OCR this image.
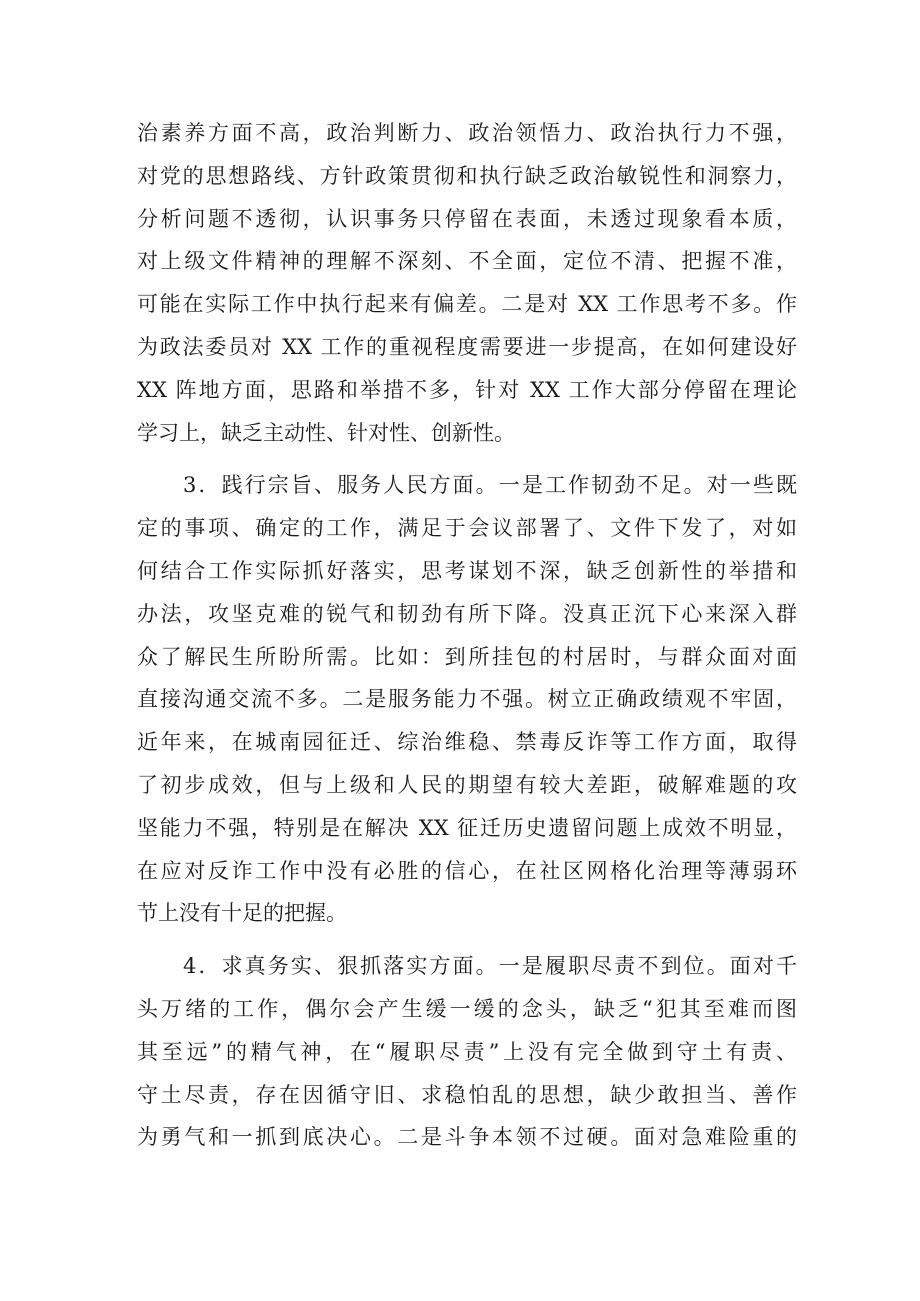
治素养方面不高，政治判断力、政治领悟力、政治执行力不强，
对党的思想路线、方针政策贯彻和执行缺乏政治敏锐性和洞察力，
分析问题不透彻，认识事务只停留在表面，未透过现象看本质，
对上级文件精神的理解不深刻、不全面，定位不清、把握不准，
可能在实际工作中执行起来有偏差。二是对 XX 工作思考不多。作
为政法委员对 XX 工作的重视程度需要进一步提高，在如何建设好
XX 阵地方面，思路和举措不多，针对 XX 工作大部分停留在理论
学习上，缺乏主动性、针对性、创新性。
3．践行宗旨、服务人民方面。一是工作韧劲不足。对一些既
定的事项、确定的工作，满足于会议部署了、文件下发了，对如
何结合工作实际抓好落实，思考谋划不深，缺乏创新性的举措和
办法，攻坚克难的锐气和韧劲有所下降。没真正沉下心来深入群
众了解民生所盼所需。比如：到所挂包的村居时，与群众面对面
直接沟通交流不多。二是服务能力不强。树立正确政绩观不牢固，
近年来，在城南园征迁、综治维稳、禁毒反诈等工作方面，取得
了初步成效，但与上级和人民的期望有较大差距，破解难题的攻
坚能力不强，特别是在解决 XX 征迁历史遗留问题上成效不明显，
在应对反诈工作中没有必胜的信心，在社区网格化治理等薄弱环
节上没有十足的把握。
4．求真务实、狠抓落实方面。一是履职尽责不到位。面对千
头万绪的工作，偶尔会产生缓一缓的念头，缺乏“犯其至难而图
其至远”的精气神，在“履职尽责”上没有完全做到守土有责、
守土尽责，存在因循守旧、求稳怕乱的思想，缺少敢担当、善作
为勇气和一抓到底决心。二是斗争本领不过硬。面对急难险重的
